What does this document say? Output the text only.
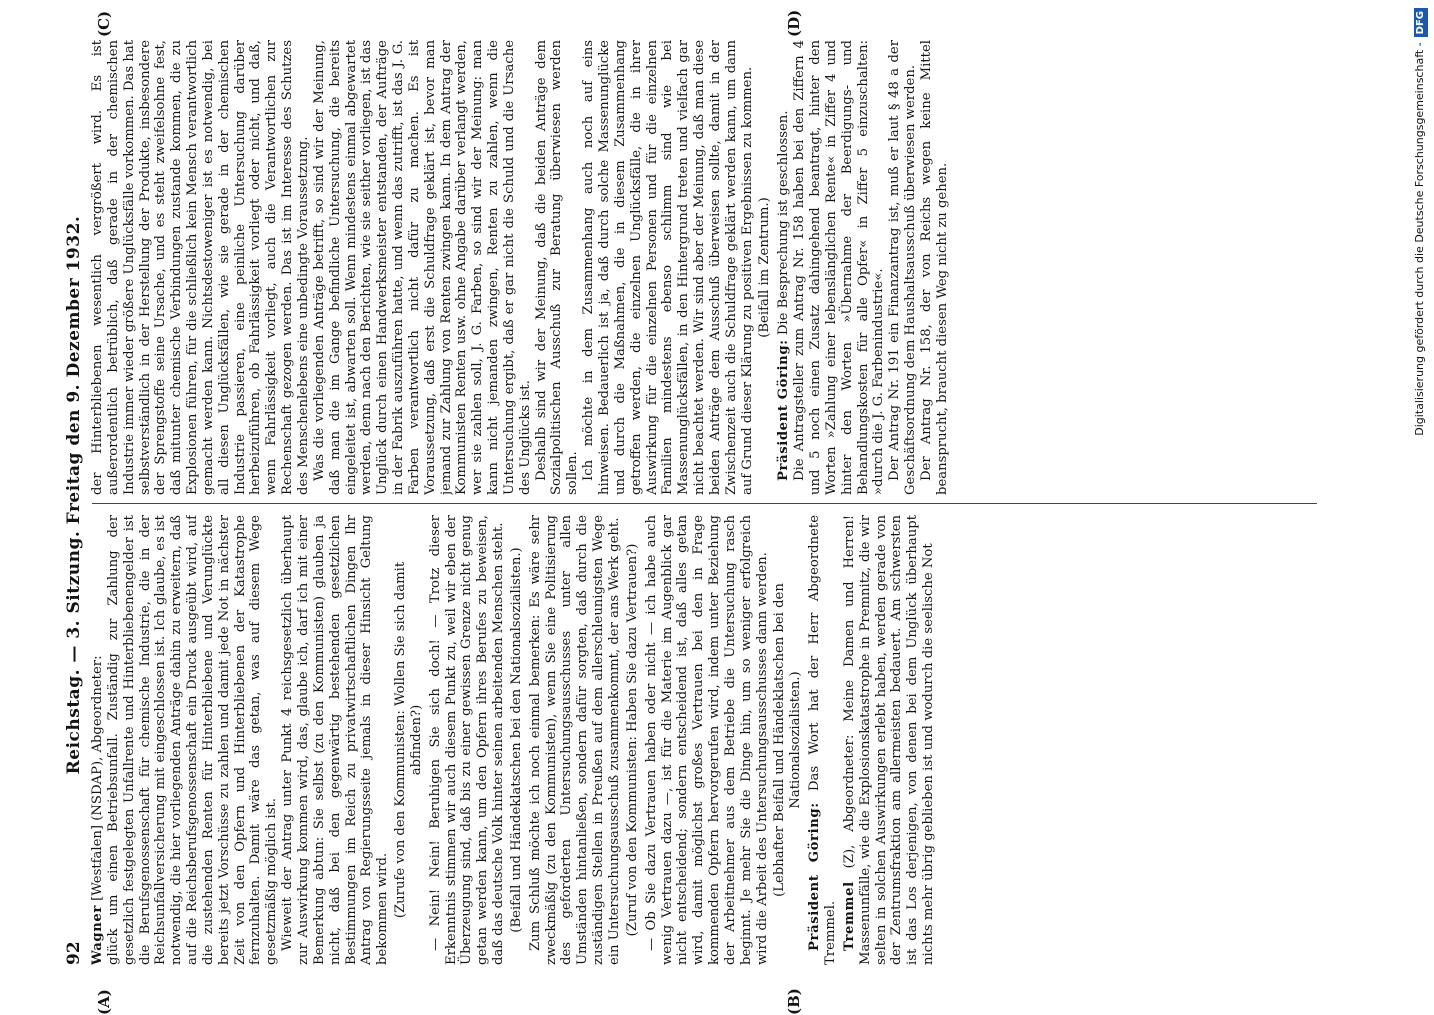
92
Reichstag. — 3. Sitzung. Freitag den 9. Dezember 1932.
(A)	(B)
(C)	(D)

Wagner [Westfalen] (NSDAP), Abgeordneter: glück um einen Betriebsunfall. Zuständig zur Zahlung der gesetzlich festgelegten Unfallrente und Hinterbliebenengelder ist die Berufsgenossenschaft für chemische Industrie, die in der Reichsunfallversicherung mit eingeschlossen ist. Ich glaube, es ist notwendig, die hier vorliegenden Anträge dahin zu erweitern, daß auf die Reichsberufsgenossenschaft ein Druck ausgeübt wird, auf die zustehenden Renten für Hinterbliebene und Verunglückte bereits jetzt Vorschüsse zu zahlen und damit jede Not in nächster Zeit von den Opfern und Hinterbliebenen der Katastrophe fernzuhalten. Damit wäre das getan, was auf diesem Wege gesetzmäßig möglich ist. Wieweit der Antrag unter Punkt 4 reichsgesetzlich überhaupt zur Auswirkung kommen wird, das, glaube ich, darf ich mit einer Bemerkung abtun: Sie selbst (zu den Kommunisten) glauben ja nicht, daß bei den gegenwärtig bestehenden gesetzlichen Bestimmungen im Reich zu privatwirtschaftlichen Dingen Ihr Antrag von Regierungsseite jemals in dieser Hinsicht Geltung bekommen wird. (Zurufe von den Kommunisten: Wollen Sie sich damit abfinden?) — Nein! Nein! Beruhigen Sie sich doch! — Trotz dieser Erkenntnis stimmen wir auch diesem Punkt zu, weil wir eben der Überzeugung sind, daß bis zu einer gewissen Grenze nicht genug getan werden kann, um den Opfern ihres Berufes zu beweisen, daß das deutsche Volk hinter seinen arbeitenden Menschen steht. (Beifall und Händeklatschen bei den Nationalsozialisten.) Zum Schluß möchte ich noch einmal bemerken: Es wäre sehr zweckmäßig (zu den Kommunisten), wenn Sie eine Politisierung des geforderten Untersuchungsausschusses unter allen Umständen hintanließen, sondern dafür sorgten, daß durch die zuständigen Stellen in Preußen auf dem allerschleunigsten Wege ein Untersuchungsausschuß zusammenkommt, der ans Werk geht. (Zuruf von den Kommunisten: Haben Sie dazu Vertrauen?) — Ob Sie dazu Vertrauen haben oder nicht — ich habe auch wenig Vertrauen dazu —, ist für die Materie im Augenblick gar nicht entscheidend; sondern entscheidend ist, daß alles getan wird, damit möglichst großes Vertrauen bei den in Frage kommenden Opfern hervorgerufen wird, indem unter Beziehung der Arbeitnehmer aus dem Betriebe die Untersuchung rasch beginnt. Je mehr Sie die Dinge hin, um so weniger erfolgreich wird die Arbeit des Untersuchungsausschusses dann werden. (Lebhafter Beifall und Händeklatschen bei den Nationalsozialisten.)

Präsident Göring: Das Wort hat der Herr Abgeordnete Tremmel. Tremmel (Z), Abgeordneter: Meine Damen und Herren! Massenunfälle, wie die Explosionskatastrophe in Premnitz, die wir selten in solchen Auswirkungen erlebt haben, werden gerade von der Zentrumsfraktion am allermeisten bedauert. Am schwersten ist das Los derjenigen, von denen bei dem Unglück überhaupt nichts mehr übrig geblieben ist und wodurch die seelische Not

der Hinterbliebenen wesentlich vergrößert wird. Es ist außerordentlich betrüblich, daß gerade in der chemischen Industrie immer wieder größere Unglücksfälle vorkommen. Das hat selbstverständlich in der Herstellung der Produkte, insbesondere der Sprengstoffe seine Ursache, und es steht zweifelsohne fest, daß mitunter chemische Verbindungen zustande kommen, die zu Explosionen führen, für die schließlich kein Mensch verantwortlich gemacht werden kann. Nichtsdestoweniger ist es notwendig, bei all diesen Unglücksfällen, wie sie gerade in der chemischen Industrie passieren, eine peinliche Untersuchung darüber herbeizuführen, ob Fahrlässigkeit vorliegt oder nicht, und daß, wenn Fahrlässigkeit vorliegt, auch die Verantwortlichen zur Rechenschaft gezogen werden. Das ist im Interesse des Schutzes des Menschenlebens eine unbedingte Voraussetzung. Was die vorliegenden Anträge betrifft, so sind wir der Meinung, daß man die im Gange befindliche Untersuchung, die bereits eingeleitet ist, abwarten soll. Wenn mindestens einmal abgewartet werden, denn nach den Berichten, wie sie seither vorliegen, ist das Unglück durch einen Handwerksmeister entstanden, der Aufträge in der Fabrik auszuführen hatte, und wenn das zutrifft, ist das J. G. Farben verantwortlich nicht dafür zu machen. Es ist Voraussetzung, daß erst die Schuldfrage geklärt ist, bevor man jemand zur Zahlung von Renten zwingen kann. In dem Antrag der Kommunisten Renten usw. ohne Angabe darüber verlangt werden, wer sie zahlen soll, J. G. Farben, so sind wir der Meinung: man kann nicht jemanden zwingen, Renten zu zahlen, wenn die Untersuchung ergibt, daß er gar nicht die Schuld und die Ursache des Unglücks ist. Deshalb sind wir der Meinung, daß die beiden Anträge dem Sozialpolitischen Ausschuß zur Beratung überwiesen werden sollen. Ich möchte in dem Zusammenhang auch noch auf eins hinweisen. Bedauerlich ist ja, daß durch solche Massenunglücke und durch die Maßnahmen, die in diesem Zusammenhang getroffen werden, die einzelnen Unglücksfälle, die in ihrer Auswirkung für die einzelnen Personen und für die einzelnen Familien mindestens ebenso schlimm sind wie bei Massenunglücksfällen, in den Hintergrund treten und vielfach gar nicht beachtet werden. Wir sind aber der Meinung, daß man diese beiden Anträge dem Ausschuß überweisen sollte, damit in der Zwischenzeit auch die Schuldfrage geklärt werden kann, um dann auf Grund dieser Klärung zu positiven Ergebnissen zu kommen. (Beifall im Zentrum.)

Präsident Göring: Die Besprechung ist geschlossen. Die Antragsteller zum Antrag Nr. 158 haben bei den Ziffern 4 und 5 noch einen Zusatz dahingehend beantragt, hinter den Worten »Zahlung einer lebenslänglichen Rente« in Ziffer 4 und hinter den Worten »Übernahme der Beerdigungs- und Behandlungskosten für alle Opfer« in Ziffer 5 einzuschalten: »durch die J. G. Farbenindustrie«. Der Antrag Nr. 191 ein Finanzantrag ist, muß er laut § 48 a der Geschäftsordnung dem Haushaltsausschuß überwiesen werden. Der Antrag Nr. 158, der von Reichs wegen keine Mittel beansprucht, braucht diesen Weg nicht zu gehen.	Digitalisierung gefördert durch die Deutsche Forschungsgemeinschaft -DFG
